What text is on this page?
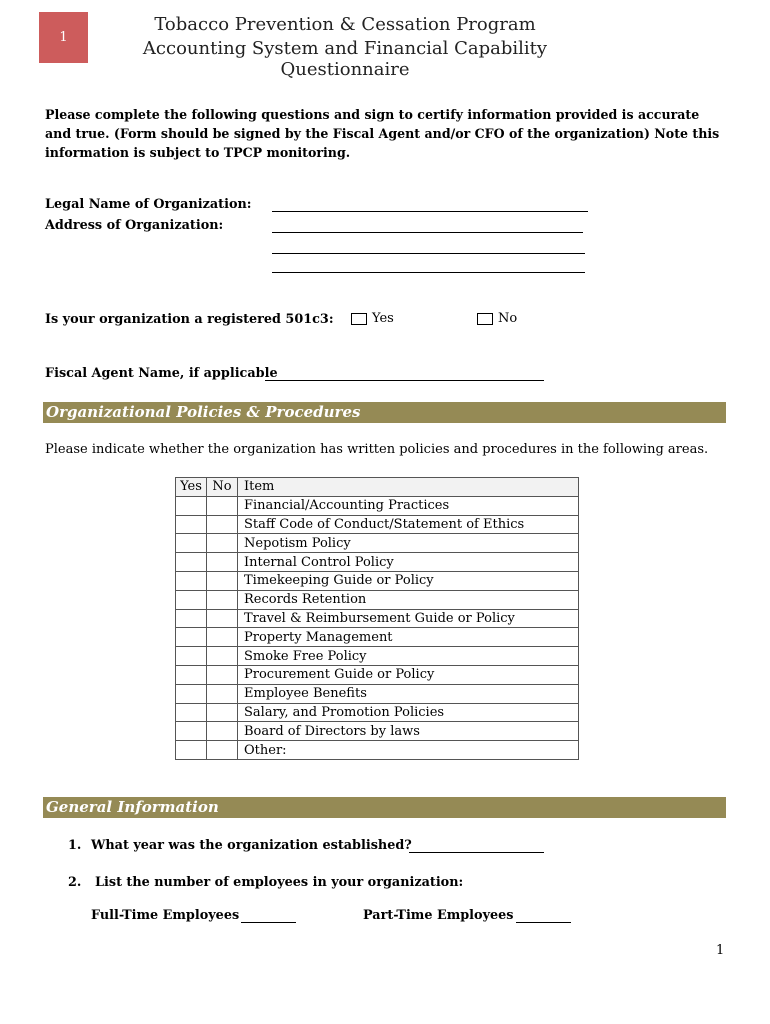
1
Tobacco Prevention & Cessation Program
Accounting System and Financial Capability Questionnaire
Please complete the following questions and sign to certify information provided is accurate and true. (Form should be signed by the Fiscal Agent and/or CFO of the organization) Note this information is subject to TPCP monitoring.
Legal Name of Organization:
Address of Organization:
Is your organization a registered 501c3:	Yes	No
Fiscal Agent Name, if applicable
Organizational Policies & Procedures
Please indicate whether the organization has written policies and procedures in the following areas.
Yes	No	Item
		Financial/Accounting Practices
		Staff Code of Conduct/Statement of Ethics
		Nepotism Policy
		Internal Control Policy
		Timekeeping Guide or Policy
		Records Retention
		Travel & Reimbursement Guide or Policy
		Property Management
		Smoke Free Policy
		Procurement Guide or Policy
		Employee Benefits
		Salary, and Promotion Policies
		Board of Directors by laws
		Other:
General Information
1. What year was the organization established?
2. List the number of employees in your organization:
Full-Time Employees	Part-Time Employees
1
